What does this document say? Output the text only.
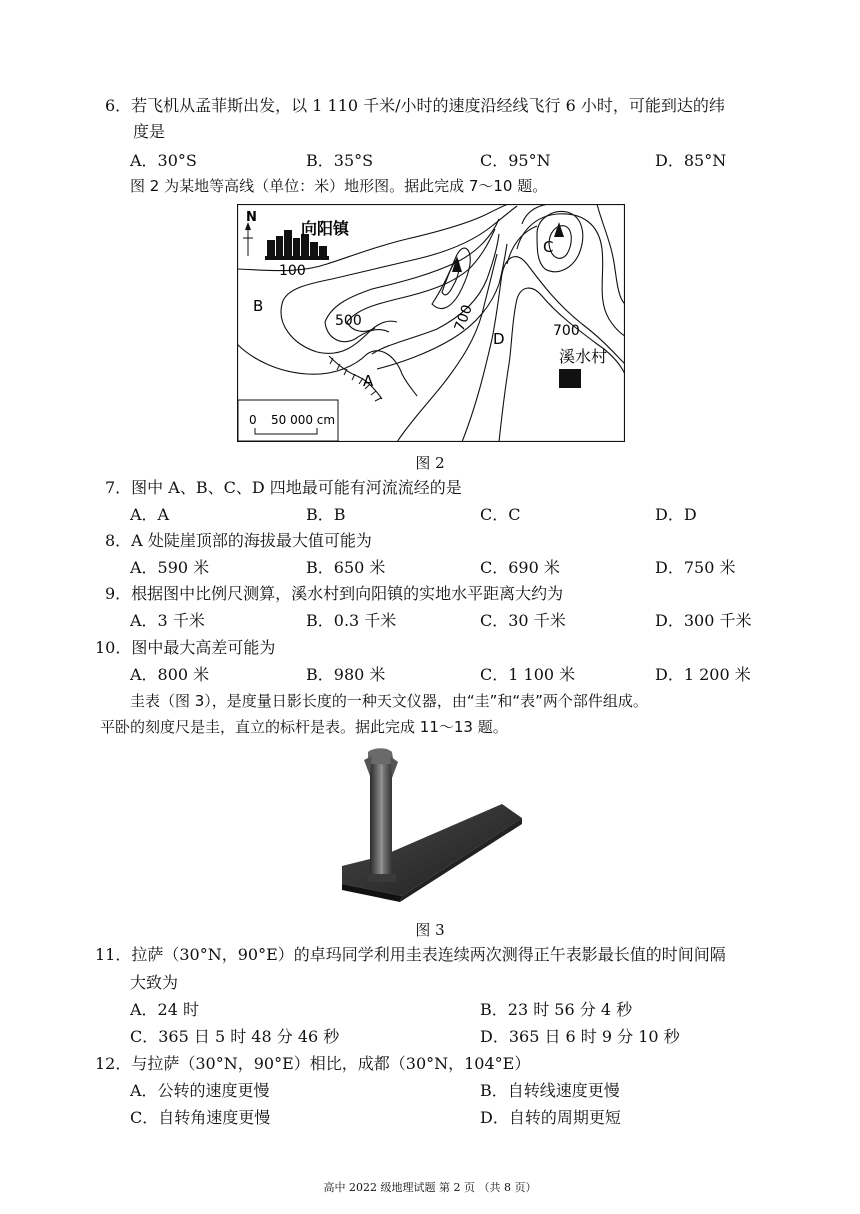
6．若飞机从孟菲斯出发，以 1 110 千米/小时的速度沿经线飞行 6 小时，可能到达的纬
度是
A．30°S	B．35°S	C．95°N	D．85°N
图 2 为某地等高线（单位：米）地形图。据此完成 7～10 题。
N
向阳镇
100
B
500	700
C
D	700
溪水村
A
0 50 000 cm
图 2
7．图中 A、B、C、D 四地最可能有河流流经的是
A．A	B．B	C．C	D．D
8．A 处陡崖顶部的海拔最大值可能为
A．590 米	B．650 米	C．690 米	D．750 米
9．根据图中比例尺测算，溪水村到向阳镇的实地水平距离大约为
A．3 千米	B．0.3 千米	C．30 千米	D．300 千米
10．图中最大高差可能为
A．800 米	B．980 米	C．1 100 米	D．1 200 米
圭表（图 3），是度量日影长度的一种天文仪器，由“圭”和“表”两个部件组成。
平卧的刻度尺是圭，直立的标杆是表。据此完成 11～13 题。
图 3
11．拉萨（30°N，90°E）的卓玛同学利用圭表连续两次测得正午表影最长值的时间间隔
大致为
A．24 时	B．23 时 56 分 4 秒
C．365 日 5 时 48 分 46 秒	D．365 日 6 时 9 分 10 秒
12．与拉萨（30°N，90°E）相比，成都（30°N，104°E）
A．公转的速度更慢	B．自转线速度更慢
C．自转角速度更慢	D．自转的周期更短
高中 2022 级地理试题 第 2 页 （共 8 页）
